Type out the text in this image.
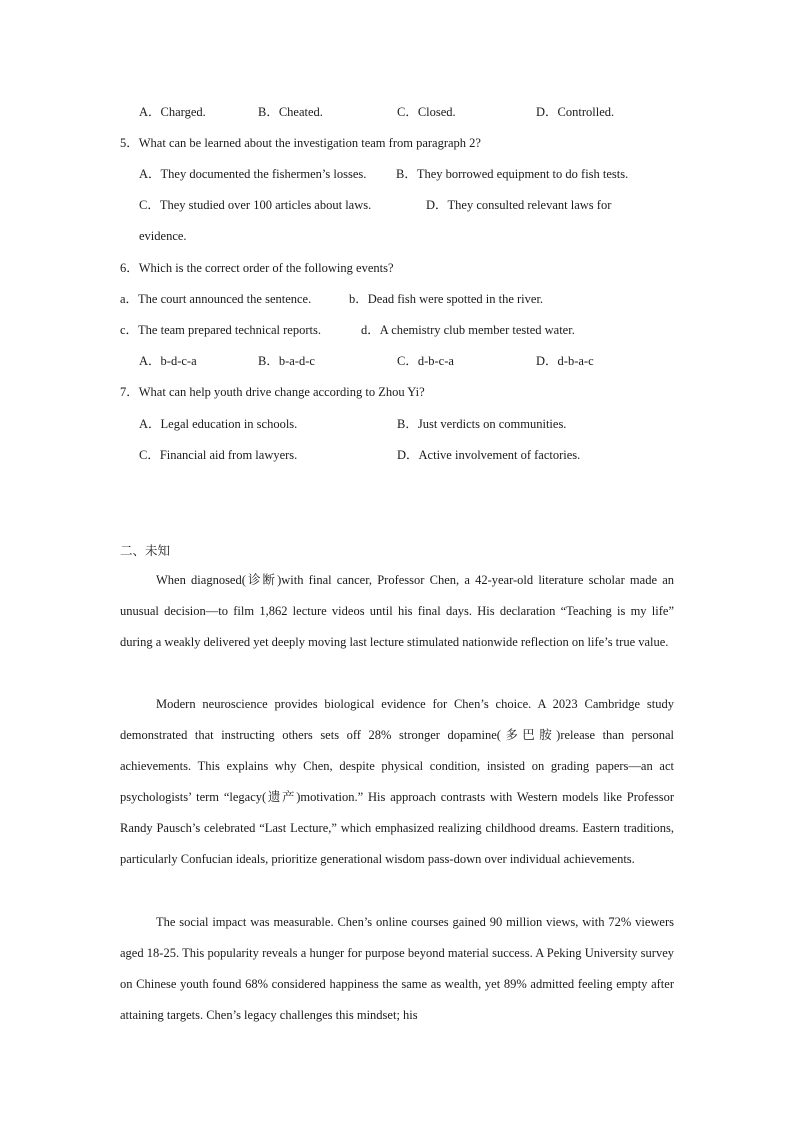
A．Charged.	B．Cheated.	C．Closed.	D．Controlled.
5．What can be learned about the investigation team from paragraph 2?
A．They documented the fishermen’s losses. B．They borrowed equipment to do fish tests.
C．They studied over 100 articles about laws.	D．They consulted relevant laws for
evidence.
6．Which is the correct order of the following events?
a．The court announced the sentence.	b．Dead fish were spotted in the river.
c．The team prepared technical reports.	d．A chemistry club member tested water.
A．b-d-c-a	B．b-a-d-c	C．d-b-c-a	D．d-b-a-c
7．What can help youth drive change according to Zhou Yi?
A．Legal education in schools.	B．Just verdicts on communities.
C．Financial aid from lawyers.	D．Active involvement of factories.
二、未知
When diagnosed(诊断)with final cancer, Professor Chen, a 42-year-old literature scholar made an unusual decision—to film 1,862 lecture videos until his final days. His declaration “Teaching is my life” during a weakly delivered yet deeply moving last lecture stimulated nationwide reflection on life’s true value.
Modern neuroscience provides biological evidence for Chen’s choice. A 2023 Cambridge study demonstrated that instructing others sets off 28% stronger dopamine(多巴胺)release than personal achievements. This explains why Chen, despite physical condition, insisted on grading papers—an act psychologists’ term “legacy(遗产)motivation.” His approach contrasts with Western models like Professor Randy Pausch’s celebrated “Last Lecture,” which emphasized realizing childhood dreams. Eastern traditions, particularly Confucian ideals, prioritize generational wisdom pass-down over individual achievements.
The social impact was measurable. Chen’s online courses gained 90 million views, with 72% viewers aged 18-25. This popularity reveals a hunger for purpose beyond material success. A Peking University survey on Chinese youth found 68% considered happiness the same as wealth, yet 89% admitted feeling empty after attaining targets. Chen’s legacy challenges this mindset; his
